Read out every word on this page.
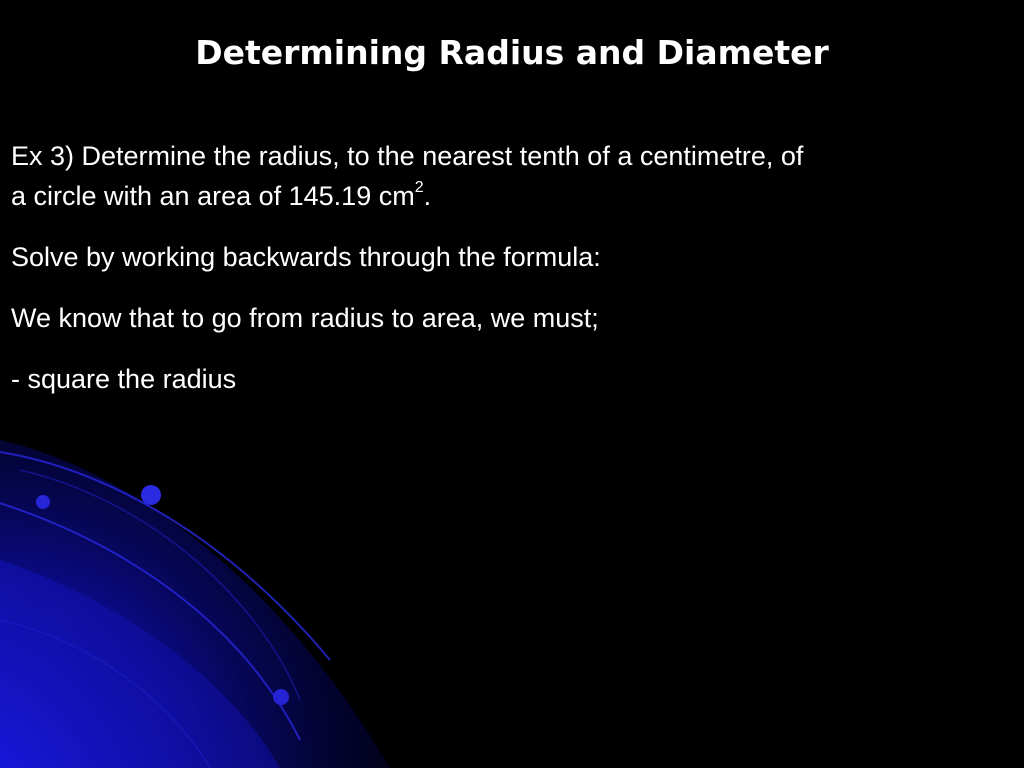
Determining Radius and Diameter

Ex 3) Determine the radius, to the nearest tenth of a centimetre, of
a circle with an area of 145.19 $cm^2$.

Solve by working backwards through the formula:

We know that to go from radius to area, we must;

- square the radius
